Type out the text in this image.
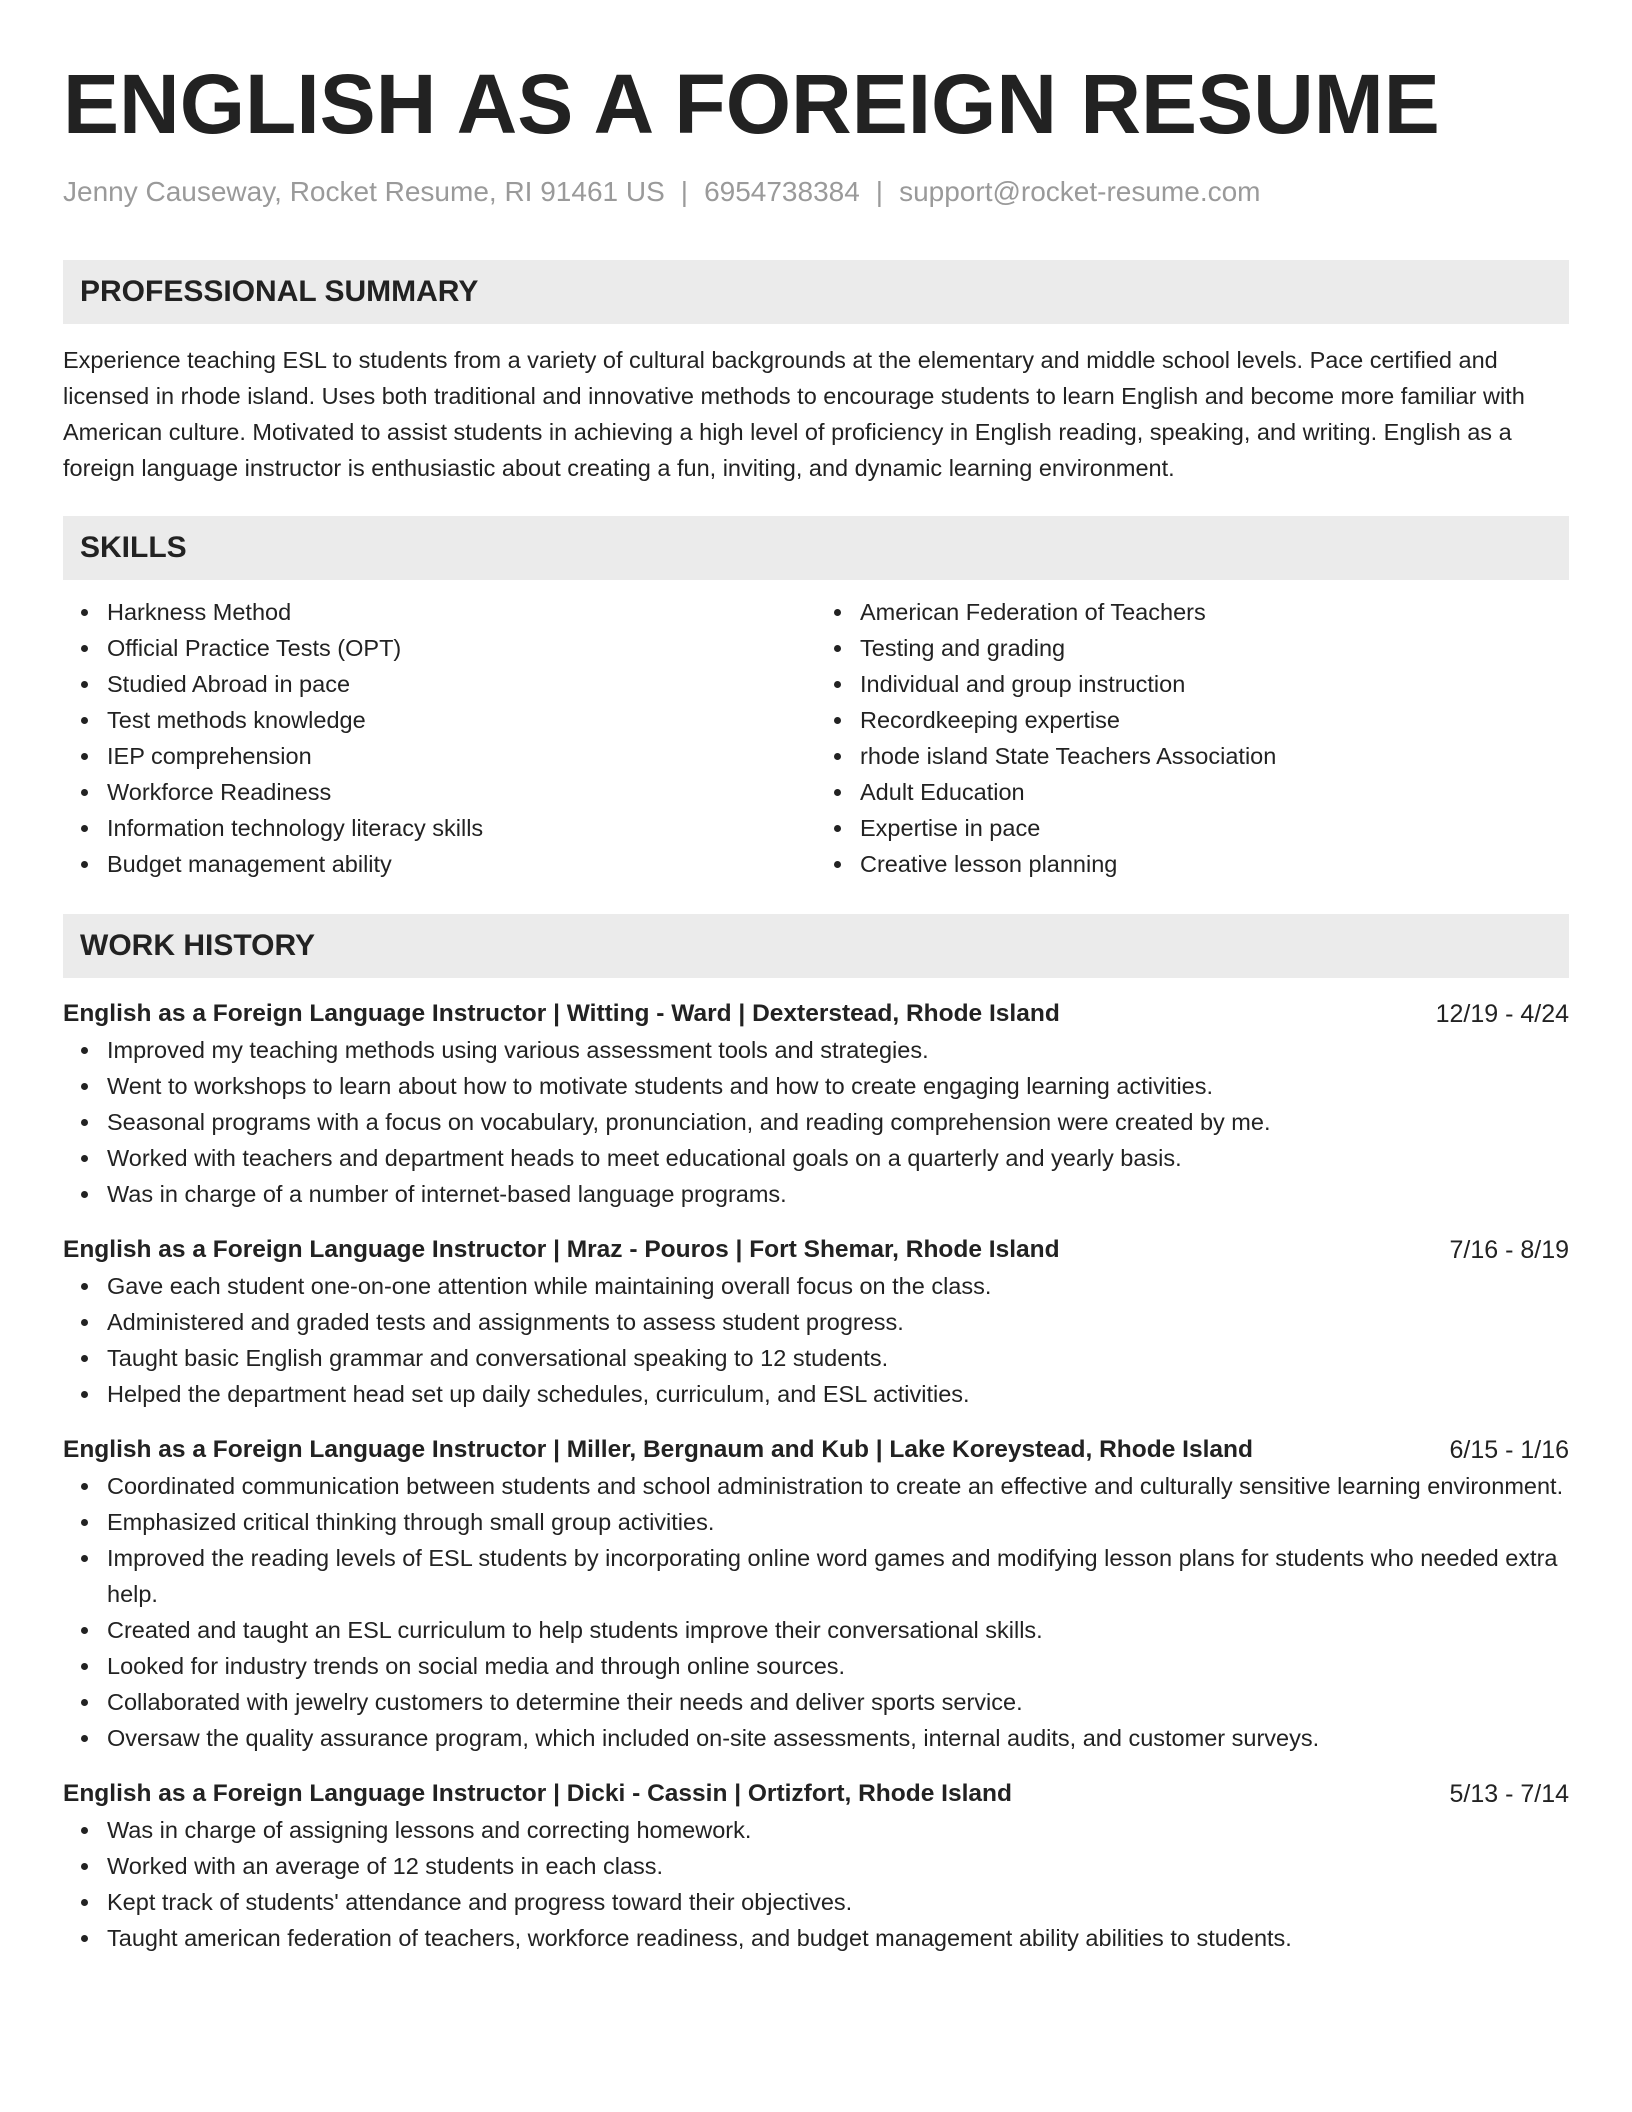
ENGLISH AS A FOREIGN RESUME
Jenny Causeway, Rocket Resume, RI 91461 US | 6954738384 | support@rocket-resume.com
PROFESSIONAL SUMMARY
Experience teaching ESL to students from a variety of cultural backgrounds at the elementary and middle school levels. Pace certified and licensed in rhode island. Uses both traditional and innovative methods to encourage students to learn English and become more familiar with American culture. Motivated to assist students in achieving a high level of proficiency in English reading, speaking, and writing. English as a foreign language instructor is enthusiastic about creating a fun, inviting, and dynamic learning environment.
SKILLS
Harkness Method
Official Practice Tests (OPT)
Studied Abroad in pace
Test methods knowledge
IEP comprehension
Workforce Readiness
Information technology literacy skills
Budget management ability
American Federation of Teachers
Testing and grading
Individual and group instruction
Recordkeeping expertise
rhode island State Teachers Association
Adult Education
Expertise in pace
Creative lesson planning
WORK HISTORY
English as a Foreign Language Instructor | Witting - Ward | Dexterstead, Rhode Island	12/19 - 4/24
Improved my teaching methods using various assessment tools and strategies.
Went to workshops to learn about how to motivate students and how to create engaging learning activities.
Seasonal programs with a focus on vocabulary, pronunciation, and reading comprehension were created by me.
Worked with teachers and department heads to meet educational goals on a quarterly and yearly basis.
Was in charge of a number of internet-based language programs.
English as a Foreign Language Instructor | Mraz - Pouros | Fort Shemar, Rhode Island	7/16 - 8/19
Gave each student one-on-one attention while maintaining overall focus on the class.
Administered and graded tests and assignments to assess student progress.
Taught basic English grammar and conversational speaking to 12 students.
Helped the department head set up daily schedules, curriculum, and ESL activities.
English as a Foreign Language Instructor | Miller, Bergnaum and Kub | Lake Koreystead, Rhode Island	6/15 - 1/16
Coordinated communication between students and school administration to create an effective and culturally sensitive learning environment.
Emphasized critical thinking through small group activities.
Improved the reading levels of ESL students by incorporating online word games and modifying lesson plans for students who needed extra help.
Created and taught an ESL curriculum to help students improve their conversational skills.
Looked for industry trends on social media and through online sources.
Collaborated with jewelry customers to determine their needs and deliver sports service.
Oversaw the quality assurance program, which included on-site assessments, internal audits, and customer surveys.
English as a Foreign Language Instructor | Dicki - Cassin | Ortizfort, Rhode Island	5/13 - 7/14
Was in charge of assigning lessons and correcting homework.
Worked with an average of 12 students in each class.
Kept track of students' attendance and progress toward their objectives.
Taught american federation of teachers, workforce readiness, and budget management ability abilities to students.
